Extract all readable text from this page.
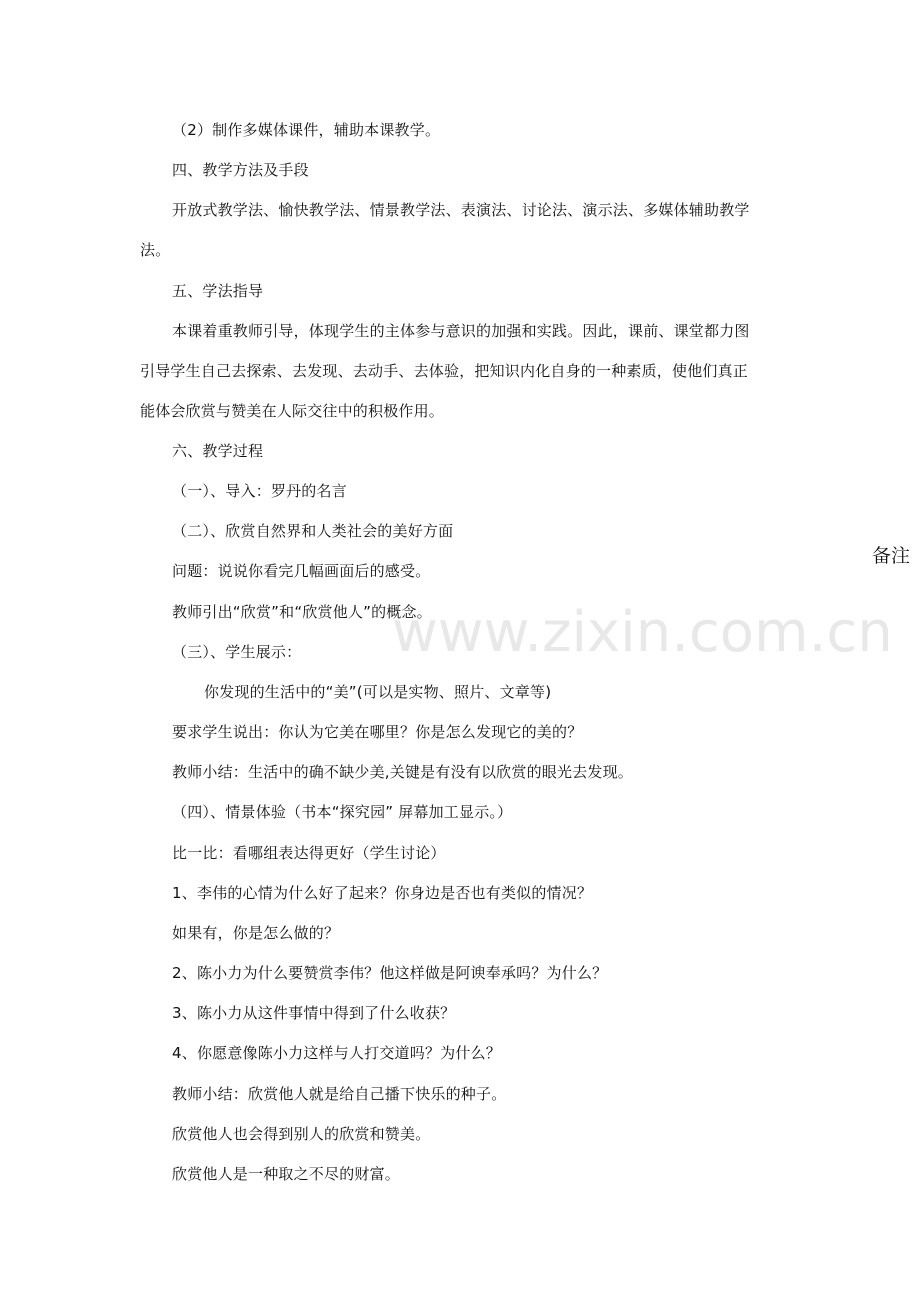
（2）制作多媒体课件，辅助本课教学。
四、教学方法及手段
开放式教学法、愉快教学法、情景教学法、表演法、讨论法、演示法、多媒体辅助教学
法。
五、学法指导
本课着重教师引导，体现学生的主体参与意识的加强和实践。因此，课前、课堂都力图
引导学生自己去探索、去发现、去动手、去体验，把知识内化自身的一种素质，使他们真正
能体会欣赏与赞美在人际交往中的积极作用。
六、教学过程
（一）、导入：罗丹的名言
（二）、欣赏自然界和人类社会的美好方面
问题：说说你看完几幅画面后的感受。
教师引出“欣赏”和“欣赏他人”的概念。
（三）、学生展示：
你发现的生活中的“美”(可以是实物、照片、文章等)
要求学生说出：你认为它美在哪里？你是怎么发现它的美的？
教师小结：生活中的确不缺少美,关键是有没有以欣赏的眼光去发现。
（四）、情景体验（书本“探究园” 屏幕加工显示。）
比一比：看哪组表达得更好（学生讨论）
1、李伟的心情为什么好了起来？你身边是否也有类似的情况？
如果有，你是怎么做的？
2、陈小力为什么要赞赏李伟？他这样做是阿谀奉承吗？为什么？
3、陈小力从这件事情中得到了什么收获？
4、你愿意像陈小力这样与人打交道吗？为什么？
教师小结：欣赏他人就是给自己播下快乐的种子。
欣赏他人也会得到别人的欣赏和赞美。
欣赏他人是一种取之不尽的财富。
备注
www.zixin.com.cn
